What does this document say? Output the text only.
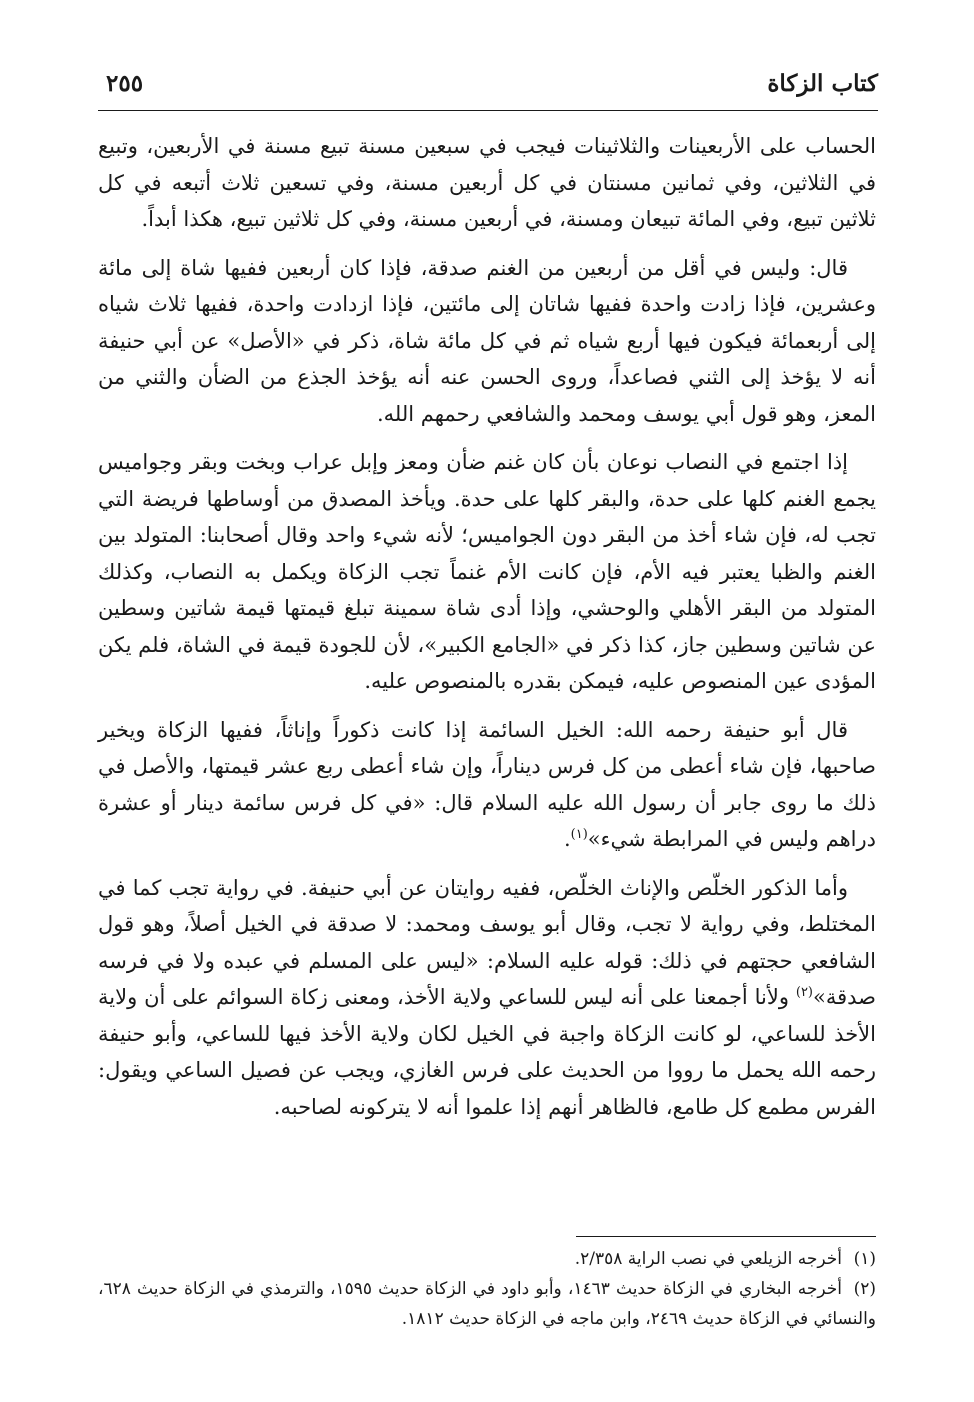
كتاب الزكاة
٢٥٥

الحساب على الأربعينات والثلاثينات فيجب في سبعين مسنة تبيع مسنة في الأربعين، وتبيع في الثلاثين، وفي ثمانين مسنتان في كل أربعين مسنة، وفي تسعين ثلاث أتبعه في كل ثلاثين تبيع، وفي المائة تبيعان ومسنة، في أربعين مسنة، وفي كل ثلاثين تبيع، هكذا أبداً.

قال: وليس في أقل من أربعين من الغنم صدقة، فإذا كان أربعين ففيها شاة إلى مائة وعشرين، فإذا زادت واحدة ففيها شاتان إلى مائتين، فإذا ازدادت واحدة، ففيها ثلاث شياه إلى أربعمائة فيكون فيها أربع شياه ثم في كل مائة شاة، ذكر في «الأصل» عن أبي حنيفة أنه لا يؤخذ إلى الثني فصاعداً، وروى الحسن عنه أنه يؤخذ الجذع من الضأن والثني من المعز، وهو قول أبي يوسف ومحمد والشافعي رحمهم الله.

إذا اجتمع في النصاب نوعان بأن كان غنم ضأن ومعز وإبل عراب وبخت وبقر وجواميس يجمع الغنم كلها على حدة، والبقر كلها على حدة. ويأخذ المصدق من أوساطها فريضة التي تجب له، فإن شاء أخذ من البقر دون الجواميس؛ لأنه شيء واحد وقال أصحابنا: المتولد بين الغنم والظبا يعتبر فيه الأم، فإن كانت الأم غنماً تجب الزكاة ويكمل به النصاب، وكذلك المتولد من البقر الأهلي والوحشي، وإذا أدى شاة سمينة تبلغ قيمتها قيمة شاتين وسطين عن شاتين وسطين جاز، كذا ذكر في «الجامع الكبير»، لأن للجودة قيمة في الشاة، فلم يكن المؤدى عين المنصوص عليه، فيمكن بقدره بالمنصوص عليه.

قال أبو حنيفة رحمه الله: الخيل السائمة إذا كانت ذكوراً وإناثاً، ففيها الزكاة ويخير صاحبها، فإن شاء أعطى من كل فرس ديناراً، وإن شاء أعطى ربع عشر قيمتها، والأصل في ذلك ما روى جابر أن رسول الله عليه السلام قال: «في كل فرس سائمة دينار أو عشرة دراهم وليس في المرابطة شيء»$^{(١)}$.

وأما الذكور الخلّص والإناث الخلّص، ففيه روايتان عن أبي حنيفة. في رواية تجب كما في المختلط، وفي رواية لا تجب، وقال أبو يوسف ومحمد: لا صدقة في الخيل أصلاً، وهو قول الشافعي حجتهم في ذلك: قوله عليه السلام: «ليس على المسلم في عبده ولا في فرسه صدقة»$^{(٢)}$ ولأنا أجمعنا على أنه ليس للساعي ولاية الأخذ، ومعنى زكاة السوائم على أن ولاية الأخذ للساعي، لو كانت الزكاة واجبة في الخيل لكان ولاية الأخذ فيها للساعي، وأبو حنيفة رحمه الله يحمل ما رووا من الحديث على فرس الغازي، ويجب عن فصيل الساعي ويقول: الفرس مطمع كل طامع، فالظاهر أنهم إذا علموا أنه لا يتركونه لصاحبه.

(١)أخرجه الزيلعي في نصب الراية ٢/٣٥٨.

(٢)أخرجه البخاري في الزكاة حديث ١٤٦٣، وأبو داود في الزكاة حديث ١٥٩٥، والترمذي في الزكاة حديث ٦٢٨، والنسائي في الزكاة حديث ٢٤٦٩، وابن ماجه في الزكاة حديث ١٨١٢.
